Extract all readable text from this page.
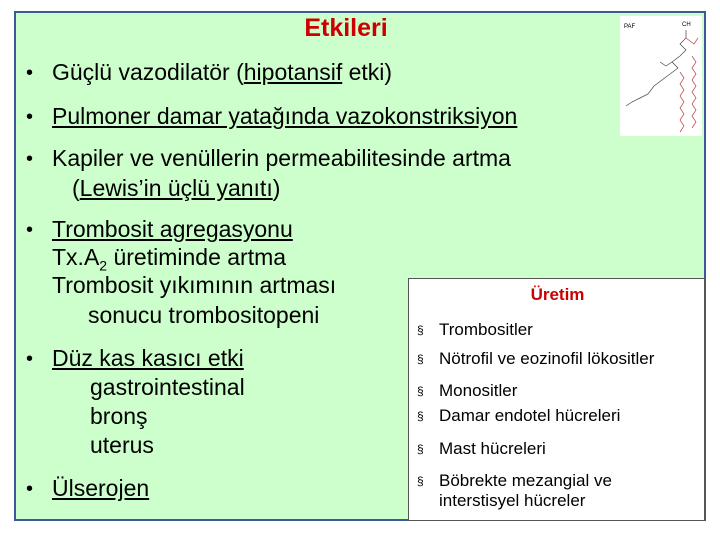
Etkileri
• Güçlü vazodilatör (hipotansif etki)
• Pulmoner damar yatağında vazokonstriksiyon
• Kapiler ve venüllerin permeabilitesinde artma
(Lewis’in üçlü yanıtı)
• Trombosit agregasyonu
$Tx.A_2$ üretiminde artma
Trombosit yıkımının artması
sonucu trombositopeni
• Düz kas kasıcı etki
gastrointestinal
bronş
uterus
• Ülserojen
PAF	CH
Üretim
§ Trombositler
§ Nötrofil ve eozinofil lökositler
§ Monositler
§ Damar endotel hücreleri
§ Mast hücreleri
§ Böbrekte mezangial ve
interstisyel hücreler
